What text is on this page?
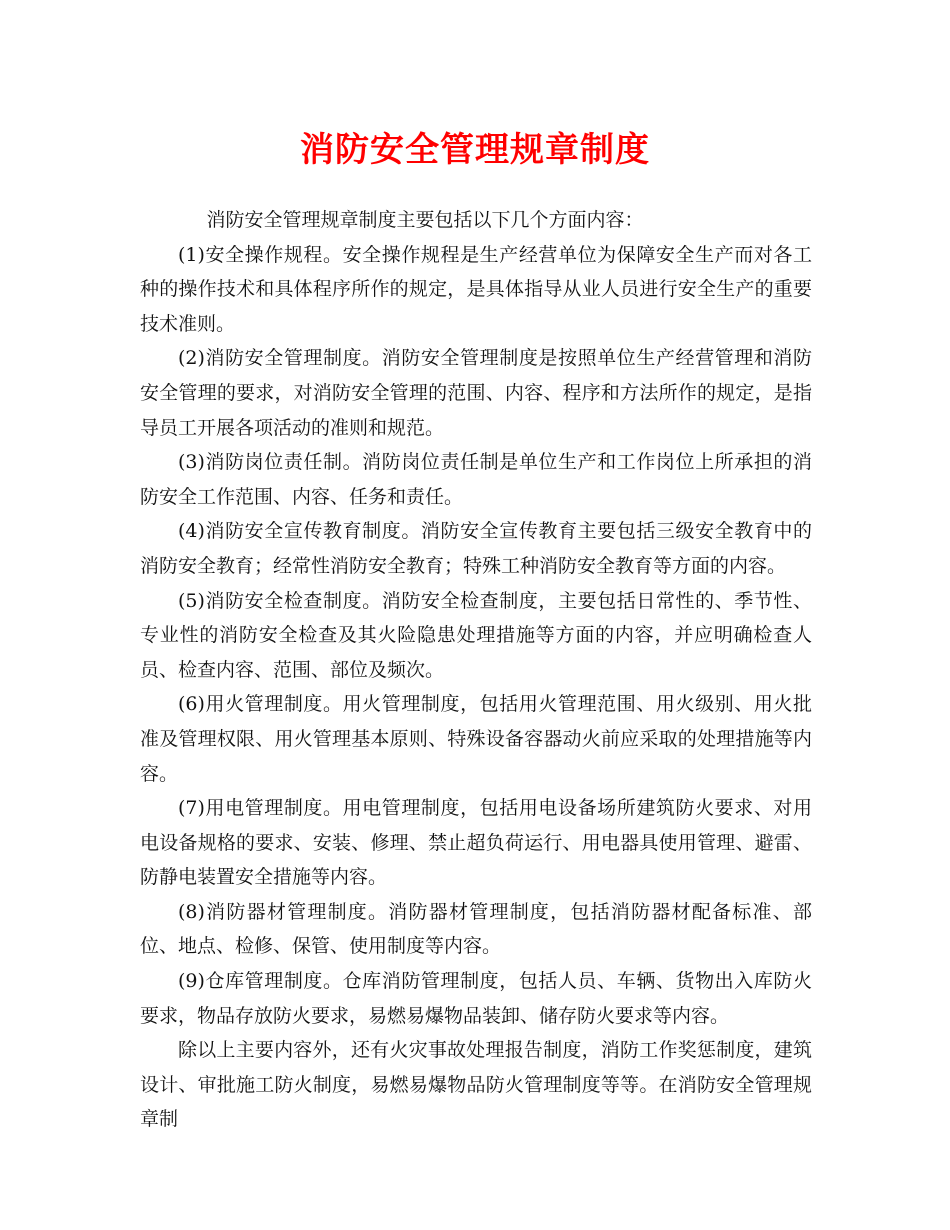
消防安全管理规章制度

消防安全管理规章制度主要包括以下几个方面内容：

(1)安全操作规程。安全操作规程是生产经营单位为保障安全生产而对各工种的操作技术和具体程序所作的规定，是具体指导从业人员进行安全生产的重要技术准则。

(2)消防安全管理制度。消防安全管理制度是按照单位生产经营管理和消防安全管理的要求，对消防安全管理的范围、内容、程序和方法所作的规定，是指导员工开展各项活动的准则和规范。

(3)消防岗位责任制。消防岗位责任制是单位生产和工作岗位上所承担的消防安全工作范围、内容、任务和责任。

(4)消防安全宣传教育制度。消防安全宣传教育主要包括三级安全教育中的消防安全教育；经常性消防安全教育；特殊工种消防安全教育等方面的内容。

(5)消防安全检查制度。消防安全检查制度，主要包括日常性的、季节性、专业性的消防安全检查及其火险隐患处理措施等方面的内容，并应明确检查人员、检查内容、范围、部位及频次。

(6)用火管理制度。用火管理制度，包括用火管理范围、用火级别、用火批准及管理权限、用火管理基本原则、特殊设备容器动火前应采取的处理措施等内容。

(7)用电管理制度。用电管理制度，包括用电设备场所建筑防火要求、对用电设备规格的要求、安装、修理、禁止超负荷运行、用电器具使用管理、避雷、防静电装置安全措施等内容。

(8)消防器材管理制度。消防器材管理制度，包括消防器材配备标准、部位、地点、检修、保管、使用制度等内容。

(9)仓库管理制度。仓库消防管理制度，包括人员、车辆、货物出入库防火要求，物品存放防火要求，易燃易爆物品装卸、储存防火要求等内容。

除以上主要内容外，还有火灾事故处理报告制度，消防工作奖惩制度，建筑设计、审批施工防火制度，易燃易爆物品防火管理制度等等。在消防安全管理规章制
